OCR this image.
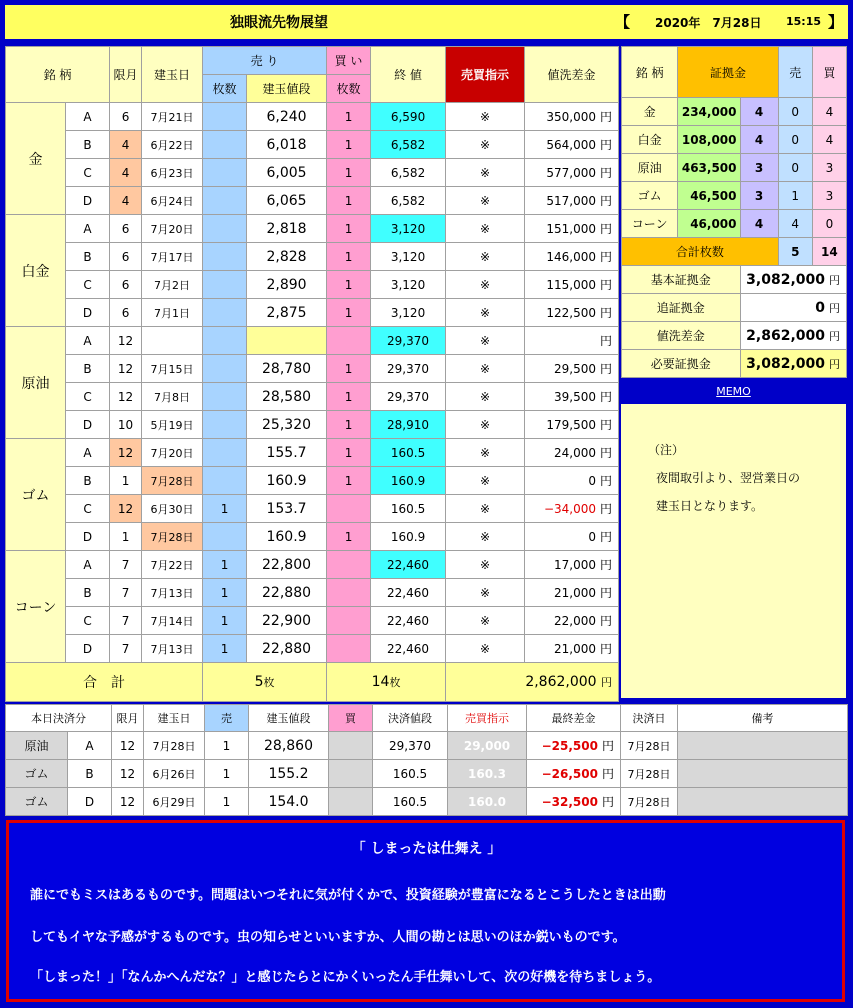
独眼流先物展望	【 2020年　7月28日 15:15 】
銘 柄		限月	建玉日	売 り		買 い	終 値	売買指示	値洗差金
				枚数	建玉値段	枚数			
金	A	6	7月21日		6,240	1	6,590	※	350,000 円
	B	4	6月22日		6,018	1	6,582	※	564,000 円
	C	4	6月23日		6,005	1	6,582	※	577,000 円
	D	4	6月24日		6,065	1	6,582	※	517,000 円
白金	A	6	7月20日		2,818	1	3,120	※	151,000 円
	B	6	7月17日		2,828	1	3,120	※	146,000 円
	C	6	7月2日		2,890	1	3,120	※	115,000 円
	D	6	7月1日		2,875	1	3,120	※	122,500 円
原油	A	12					29,370	※	円
	B	12	7月15日		28,780	1	29,370	※	29,500 円
	C	12	7月8日		28,580	1	29,370	※	39,500 円
	D	10	5月19日		25,320	1	28,910	※	179,500 円
ゴム	A	12	7月20日		155.7	1	160.5	※	24,000 円
	B	1	7月28日		160.9	1	160.9	※	0 円
	C	12	6月30日	1	153.7		160.5	※	−34,000 円
	D	1	7月28日		160.9	1	160.9	※	0 円
コーン	A	7	7月22日	1	22,800		22,460	※	17,000 円
	B	7	7月13日	1	22,880		22,460	※	21,000 円
	C	7	7月14日	1	22,900		22,460	※	22,000 円
	D	7	7月13日	1	22,880		22,460	※	21,000 円
合　計				5枚		14枚		2,862,000 円	
銘 柄	証拠金		売	買
金	234,000	4	0	4
白金	108,000	4	0	4
原油	463,500	3	0	3
ゴム	46,500	3	1	3
コーン	46,000	4	4	0
合計枚数			5	14
基本証拠金		3,082,000 円		
追証拠金		0 円		
値洗差金		2,862,000 円		
必要証拠金		3,082,000 円		
MEMO
（注）
夜間取引より、翌営業日の
建玉日となります。
本日決済分		限月	建玉日	売	建玉値段	買	決済値段	売買指示	最終差金	決済日	備考
原油	A	12	7月28日	1	28,860		29,370	29,000	−25,500 円	7月28日	
ゴム	B	12	6月26日	1	155.2		160.5	160.3	−26,500 円	7月28日	
ゴム	D	12	6月29日	1	154.0		160.5	160.0	−32,500 円	7月28日	
「 しまったは仕舞え 」
誰にでもミスはあるものです。問題はいつそれに気が付くかで、投資経験が豊富になるとこうしたときは出動
してもイヤな予感がするものです。虫の知らせといいますか、人間の勘とは思いのほか鋭いものです。
「しまった！」「なんかへんだな？」と感じたらとにかくいったん手仕舞いして、次の好機を待ちましょう。
